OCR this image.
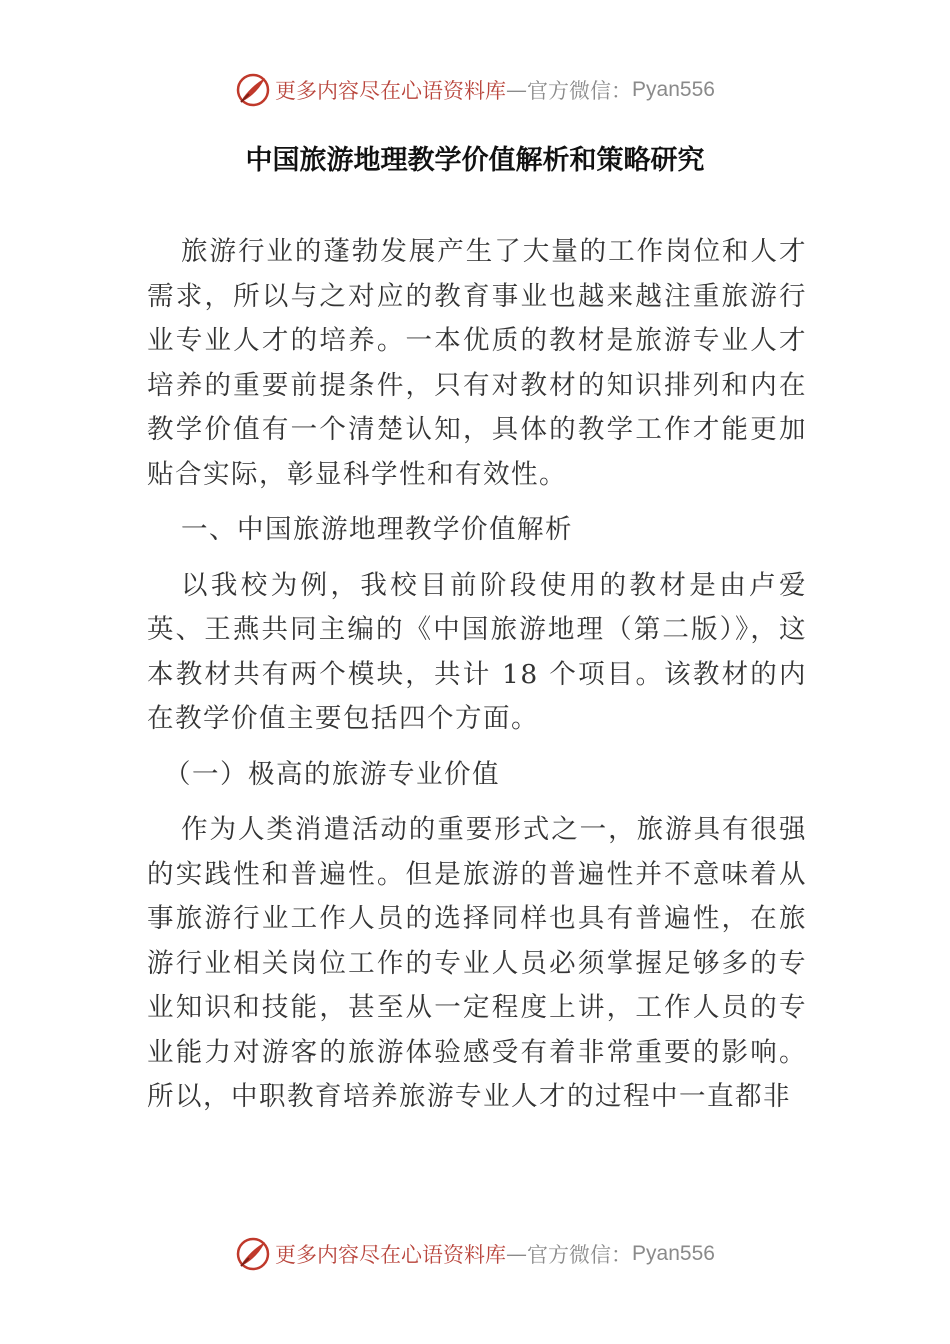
更多内容尽在心语资料库 — 官方微信： Pyan556
中国旅游地理教学价值解析和策略研究

旅游行业的蓬勃发展产生了大量的工作岗位和人才需求，所以与之对应的教育事业也越来越注重旅游行业专业人才的培养。一本优质的教材是旅游专业人才培养的重要前提条件，只有对教材的知识排列和内在教学价值有一个清楚认知，具体的教学工作才能更加贴合实际，彰显科学性和有效性。

一、中国旅游地理教学价值解析

以我校为例，我校目前阶段使用的教材是由卢爱英、王燕共同主编的《中国旅游地理（第二版）》，这本教材共有两个模块，共计 18 个项目。该教材的内在教学价值主要包括四个方面。

（一）极高的旅游专业价值

作为人类消遣活动的重要形式之一，旅游具有很强的实践性和普遍性。但是旅游的普遍性并不意味着从事旅游行业工作人员的选择同样也具有普遍性，在旅游行业相关岗位工作的专业人员必须掌握足够多的专业知识和技能，甚至从一定程度上讲，工作人员的专业能力对游客的旅游体验感受有着非常重要的影响。所以，中职教育培养旅游专业人才的过程中一直都非

更多内容尽在心语资料库 — 官方微信： Pyan556
